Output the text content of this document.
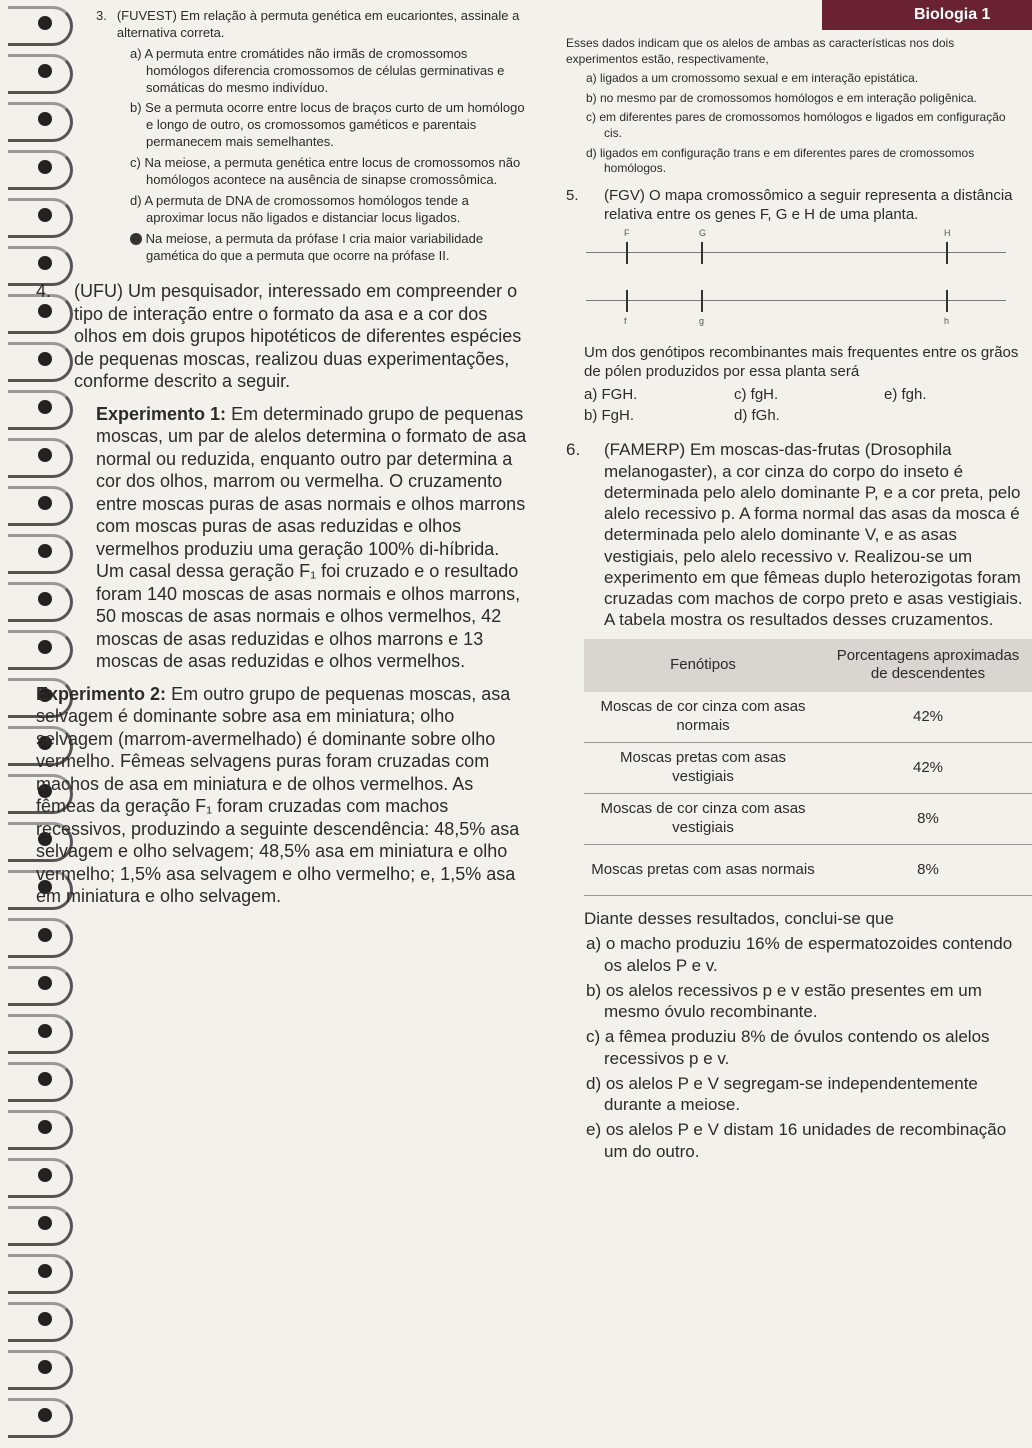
Biologia 1

3. (FUVEST) Em relação à permuta genética em eucariontes, assinale a alternativa correta.

a) A permuta entre cromátides não irmãs de cromossomos homólogos diferencia cromossomos de células germinativas e somáticas do mesmo indivíduo.

b) Se a permuta ocorre entre locus de braços curto de um homólogo e longo de outro, os cromossomos gaméticos e parentais permanecem mais semelhantes.

c) Na meiose, a permuta genética entre locus de cromossomos não homólogos acontece na ausência de sinapse cromossômica.

d) A permuta de DNA de cromossomos homólogos tende a aproximar locus não ligados e distanciar locus ligados.

Na meiose, a permuta da prófase I cria maior variabilidade gamética do que a permuta que ocorre na prófase II.

4.	(UFU) Um pesquisador, interessado em compreender o tipo de interação entre o formato da asa e a cor dos olhos em dois grupos hipotéticos de diferentes espécies de pequenas moscas, realizou duas experimentações, conforme descrito a seguir.

Experimento 1: Em determinado grupo de pequenas moscas, um par de alelos determina o formato de asa normal ou reduzida, enquanto outro par determina a cor dos olhos, marrom ou vermelha. O cruzamento entre moscas puras de asas normais e olhos marrons com moscas puras de asas reduzidas e olhos vermelhos produziu uma geração 100% di-híbrida. Um casal dessa geração F₁ foi cruzado e o resultado foram 140 moscas de asas normais e olhos marrons, 50 moscas de asas normais e olhos vermelhos, 42 moscas de asas reduzidas e olhos marrons e 13 moscas de asas reduzidas e olhos vermelhos.

Experimento 2: Em outro grupo de pequenas moscas, asa selvagem é dominante sobre asa em miniatura; olho selvagem (marrom-avermelhado) é dominante sobre olho vermelho. Fêmeas selvagens puras foram cruzadas com machos de asa em miniatura e de olhos vermelhos. As fêmeas da geração F₁ foram cruzadas com machos recessivos, produzindo a seguinte descendência: 48,5% asa selvagem e olho selvagem; 48,5% asa em miniatura e olho vermelho; 1,5% asa selvagem e olho vermelho; e, 1,5% asa em miniatura e olho selvagem.

Esses dados indicam que os alelos de ambas as características nos dois experimentos estão, respectivamente,

a) ligados a um cromossomo sexual e em interação epistática.

b) no mesmo par de cromossomos homólogos e em interação poligênica.

c) em diferentes pares de cromossomos homólogos e ligados em configuração cis.

d) ligados em configuração trans e em diferentes pares de cromossomos homólogos.

5.	(FGV) O mapa cromossômico a seguir representa a distância relativa entre os genes F, G e H de uma planta.

F	G	H
f	g	h

Um dos genótipos recombinantes mais frequentes entre os grãos de pólen produzidos por essa planta será

a) FGH.	c) fgH.	e) fgh.
b) FgH.	d) fGh.

6.	(FAMERP) Em moscas-das-frutas (Drosophila melanogaster), a cor cinza do corpo do inseto é determinada pelo alelo dominante P, e a cor preta, pelo alelo recessivo p. A forma normal das asas da mosca é determinada pelo alelo dominante V, e as asas vestigiais, pelo alelo recessivo v. Realizou-se um experimento em que fêmeas duplo heterozigotas foram cruzadas com machos de corpo preto e asas vestigiais. A tabela mostra os resultados desses cruzamentos.

Fenótipos	Porcentagens aproximadas de descendentes
Moscas de cor cinza com asas normais	42%
Moscas pretas com asas vestigiais	42%
Moscas de cor cinza com asas vestigiais	8%
Moscas pretas com asas normais	8%

Diante desses resultados, conclui-se que

a) o macho produziu 16% de espermatozoides contendo os alelos P e v.

b) os alelos recessivos p e v estão presentes em um mesmo óvulo recombinante.

c) a fêmea produziu 8% de óvulos contendo os alelos recessivos p e v.

d) os alelos P e V segregam-se independentemente durante a meiose.

e) os alelos P e V distam 16 unidades de recombinação um do outro.
